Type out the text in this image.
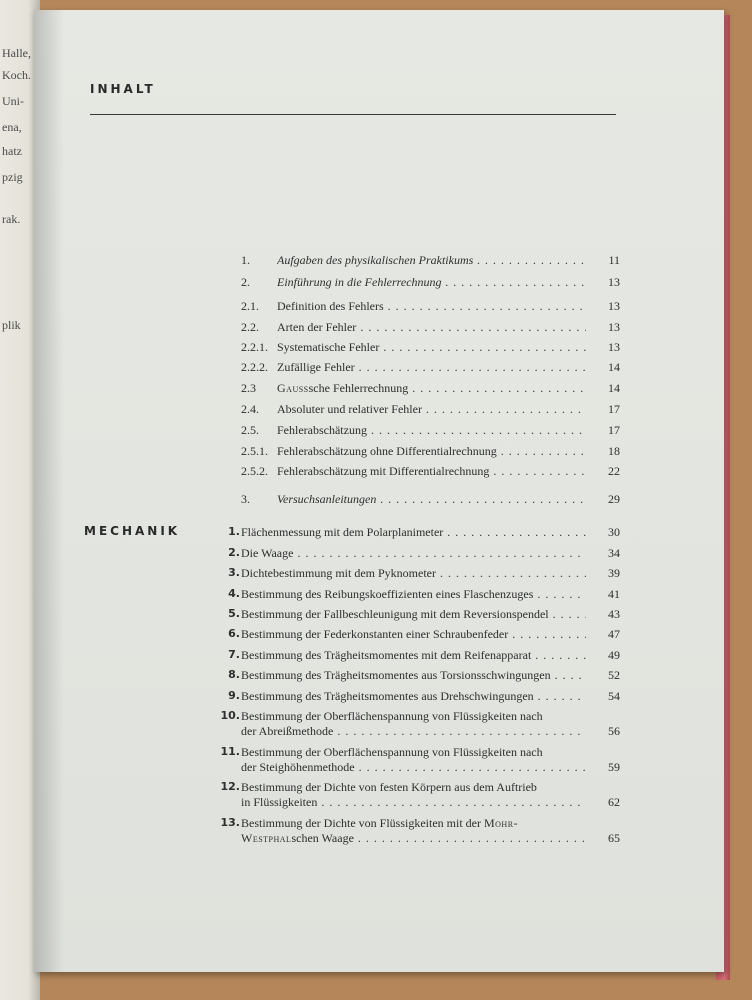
Halle,
Koch.
Uni-
ena,
hatz
pzig
rak.
plik
INHALT
1. Aufgaben des physikalischen Praktikums . . .	11
2. Einführung in die Fehlerrechnung . . .	13
2.1. Definition des Fehlers . . .	13
2.2. Arten der Fehler . . .	13
2.2.1. Systematische Fehler . . .	13
2.2.2. Zufällige Fehler . . .	14
2.3 Gausssche Fehlerrechnung . . .	14
2.4. Absoluter und relativer Fehler . . .	17
2.5. Fehlerabschätzung . . .	17
2.5.1. Fehlerabschätzung ohne Differentialrechnung . . .	18
2.5.2. Fehlerabschätzung mit Differentialrechnung . . .	22
3. Versuchsanleitungen . . .	29
MECHANIK	1. Flächenmessung mit dem Polarplanimeter . . .	30
2. Die Waage . . .	34
3. Dichtebestimmung mit dem Pyknometer . . .	39
4. Bestimmung des Reibungskoeffizienten eines Flaschenzuges . . .	41
5. Bestimmung der Fallbeschleunigung mit dem Reversionspendel . . .	43
6. Bestimmung der Federkonstanten einer Schraubenfeder . . .	47
7. Bestimmung des Trägheitsmomentes mit dem Reifenapparat . . .	49
8. Bestimmung des Trägheitsmomentes aus Torsionsschwingungen . . .	52
9. Bestimmung des Trägheitsmomentes aus Drehschwingungen . . .	54
10. Bestimmung der Oberflächenspannung von Flüssigkeiten nach
der Abreißmethode . . .	56
11. Bestimmung der Oberflächenspannung von Flüssigkeiten nach
der Steighöhenmethode . . .	59
12. Bestimmung der Dichte von festen Körpern aus dem Auftrieb
in Flüssigkeiten . . .	62
13. Bestimmung der Dichte von Flüssigkeiten mit der Mohr-
Westphalschen Waage . . .	65
